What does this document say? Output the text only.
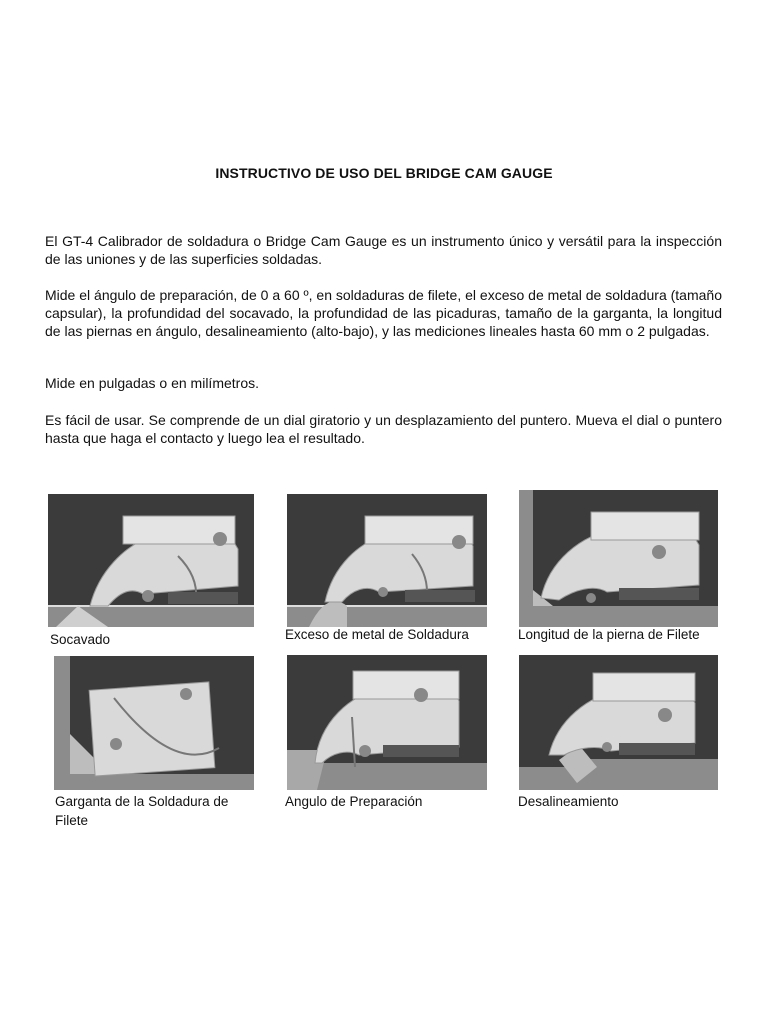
INSTRUCTIVO DE USO DEL BRIDGE CAM GAUGE

El GT-4 Calibrador de soldadura o Bridge Cam Gauge es un instrumento único y versátil para la inspección de las uniones y de las superficies soldadas.

Mide el ángulo de preparación, de 0 a 60 º, en soldaduras de filete, el exceso de metal de soldadura (tamaño capsular), la profundidad del socavado, la profundidad de las picaduras, tamaño de la garganta, la longitud de las piernas en ángulo, desalineamiento (alto-bajo), y las mediciones lineales hasta 60 mm o 2 pulgadas.

Mide en pulgadas o en milímetros.

Es fácil de usar. Se comprende de un dial giratorio y un desplazamiento del puntero. Mueva el dial o puntero hasta que haga el contacto y luego lea el resultado.

Socavado	Exceso de metal de Soldadura	Longitud de la pierna de Filete

Garganta de la Soldadura de Filete

Angulo de Preparación	Desalineamiento
